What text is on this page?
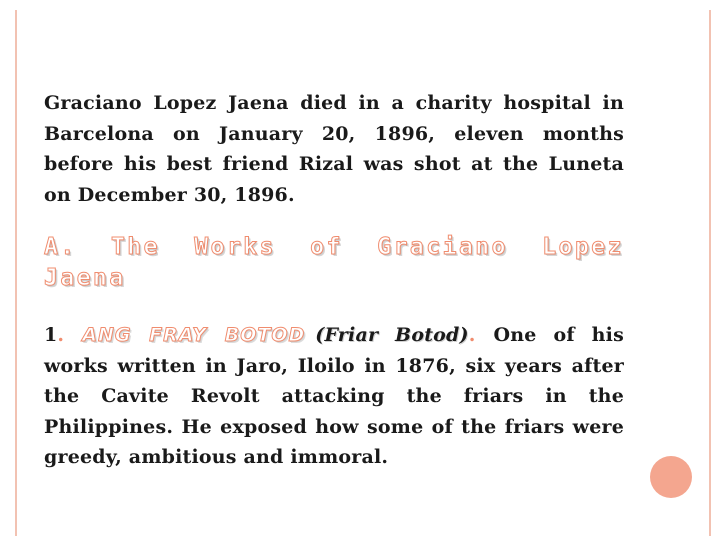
Graciano Lopez Jaena died in a charity hospital in Barcelona on January 20, 1896, eleven months before his best friend Rizal was shot at the Luneta on December 30, 1896.

A. The Works of Graciano Lopez Jaena

1. ANG FRAY BOTOD (Friar Botod). One of his works written in Jaro, Iloilo in 1876, six years after the Cavite Revolt attacking the friars in the Philippines. He exposed how some of the friars were greedy, ambitious and immoral.
